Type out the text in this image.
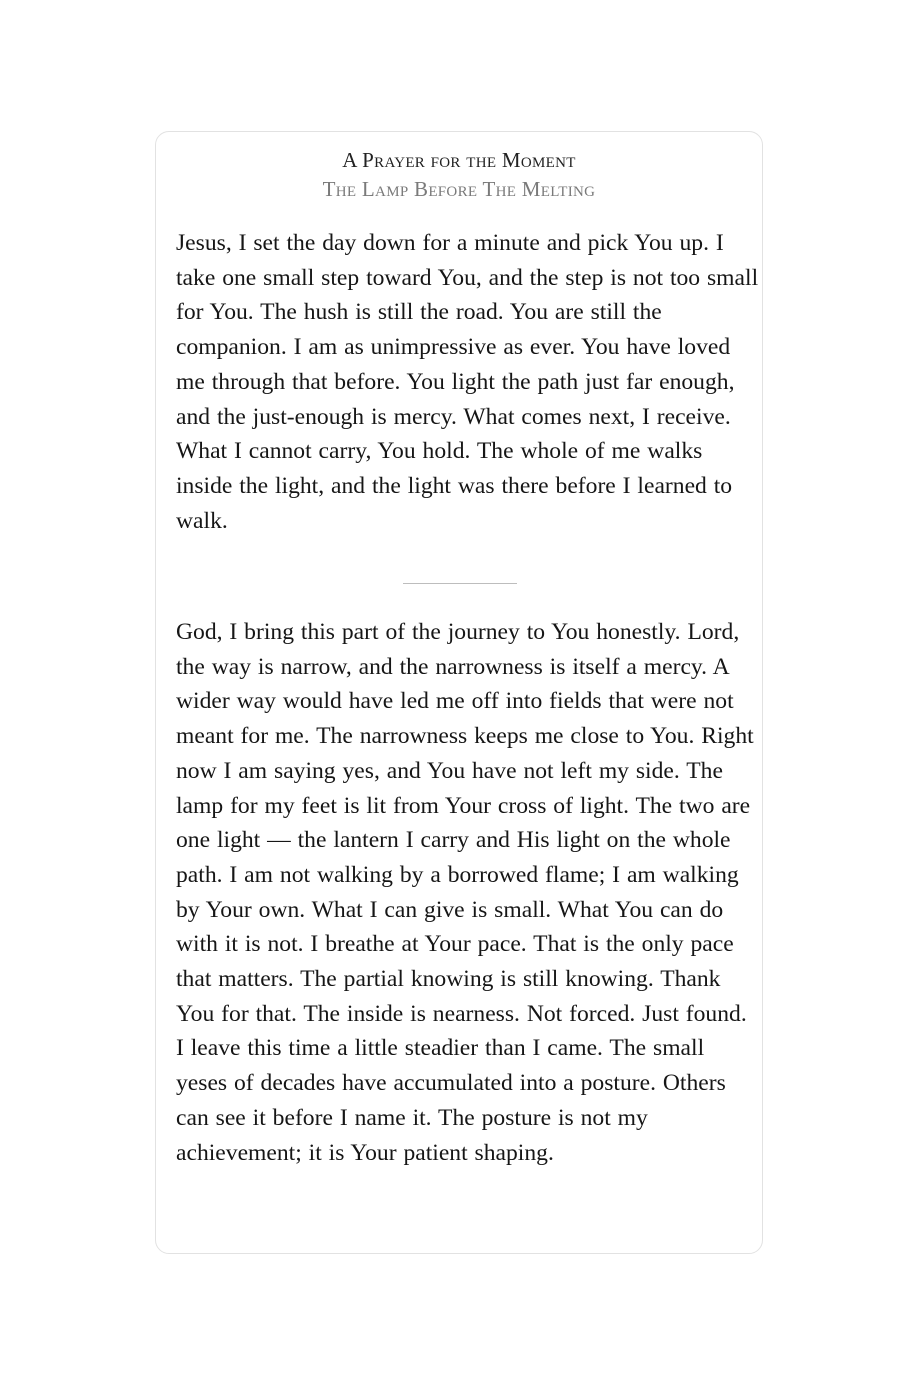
A Prayer for the Moment
The Lamp Before The Melting

Jesus, I set the day down for a minute and pick You up. I take one small step toward You, and the step is not too small for You. The hush is still the road. You are still the companion. I am as unimpressive as ever. You have loved me through that before. You light the path just far enough, and the just-enough is mercy. What comes next, I receive. What I cannot carry, You hold. The whole of me walks inside the light, and the light was there before I learned to walk.

God, I bring this part of the journey to You honestly. Lord, the way is narrow, and the narrowness is itself a mercy. A wider way would have led me off into fields that were not meant for me. The narrowness keeps me close to You. Right now I am saying yes, and You have not left my side. The lamp for my feet is lit from Your cross of light. The two are one light — the lantern I carry and His light on the whole path. I am not walking by a borrowed flame; I am walking by Your own. What I can give is small. What You can do with it is not. I breathe at Your pace. That is the only pace that matters. The partial knowing is still knowing. Thank You for that. The inside is nearness. Not forced. Just found. I leave this time a little steadier than I came. The small yeses of decades have accumulated into a posture. Others can see it before I name it. The posture is not my achievement; it is Your patient shaping.
